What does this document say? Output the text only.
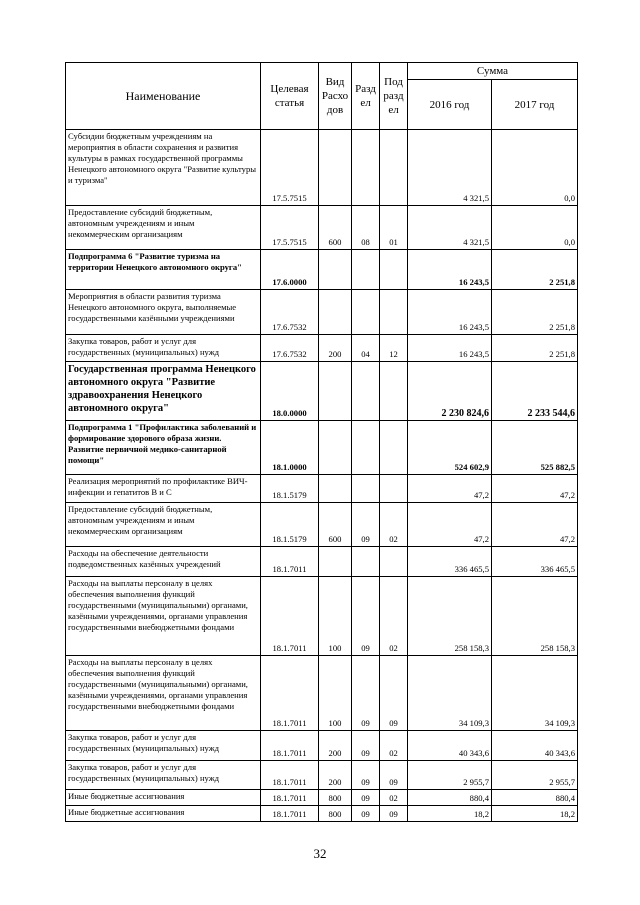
Наименование	Целевая статья	Вид Расхо дов	Разд ел	Под разд ел	Сумма	
					2016 год	2017 год
Субсидии бюджетным учреждениям на мероприятия в области сохранения и развития культуры в рамках государственной программы Ненецкого автономного округа "Развитие культуры и туризма"	17.5.7515				4 321,5	0,0
Предоставление субсидий бюджетным, автономным учреждениям и иным некоммерческим организациям	17.5.7515	600	08	01	4 321,5	0,0
Подпрограмма 6 "Развитие туризма на территории Ненецкого автономного округа"	17.6.0000				16 243,5	2 251,8
Мероприятия в области развития туризма Ненецкого автономного округа, выполняемые государственными казёнными учреждениями	17.6.7532				16 243,5	2 251,8
Закупка товаров, работ и услуг для государственных (муниципальных) нужд	17.6.7532	200	04	12	16 243,5	2 251,8
Государственная программа Ненецкого автономного округа "Развитие здравоохранения Ненецкого автономного округа"	18.0.0000				2 230 824,6	2 233 544,6
Подпрограмма 1 "Профилактика заболеваний и формирование здорового образа жизни. Развитие первичной медико-санитарной помощи"	18.1.0000				524 602,9	525 882,5
Реализация мероприятий по профилактике ВИЧ-инфекции и гепатитов В и С	18.1.5179				47,2	47,2
Предоставление субсидий бюджетным, автономным учреждениям и иным некоммерческим организациям	18.1.5179	600	09	02	47,2	47,2
Расходы на обеспечение деятельности подведомственных казённых учреждений	18.1.7011				336 465,5	336 465,5
Расходы на выплаты персоналу в целях обеспечения выполнения функций государственными (муниципальными) органами, казёнными учреждениями, органами управления государственными внебюджетными фондами	18.1.7011	100	09	02	258 158,3	258 158,3
Расходы на выплаты персоналу в целях обеспечения выполнения функций государственными (муниципальными) органами, казёнными учреждениями, органами управления государственными внебюджетными фондами	18.1.7011	100	09	09	34 109,3	34 109,3
Закупка товаров, работ и услуг для государственных (муниципальных) нужд	18.1.7011	200	09	02	40 343,6	40 343,6
Закупка товаров, работ и услуг для государственных (муниципальных) нужд	18.1.7011	200	09	09	2 955,7	2 955,7
Иные бюджетные ассигнования	18.1.7011	800	09	02	880,4	880,4
Иные бюджетные ассигнования	18.1.7011	800	09	09	18,2	18,2
32
